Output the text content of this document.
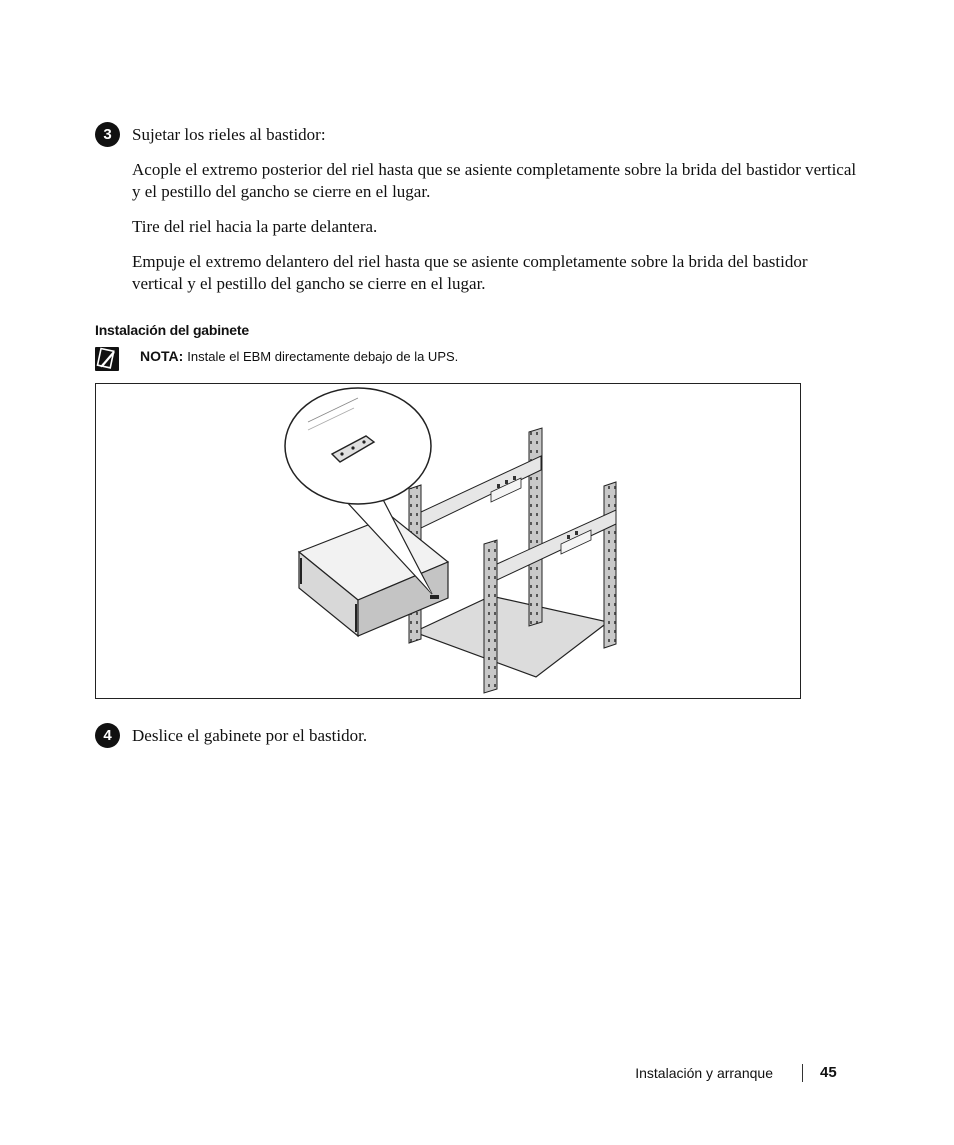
3	Sujetar los rieles al bastidor:
Acople el extremo posterior del riel hasta que se asiente completamente sobre la brida del bastidor vertical y el pestillo del gancho se cierre en el lugar.
Tire del riel hacia la parte delantera.
Empuje el extremo delantero del riel hasta que se asiente completamente sobre la brida del bastidor vertical y el pestillo del gancho se cierre en el lugar.
Instalación del gabinete
NOTA: Instale el EBM directamente debajo de la UPS.
4	Deslice el gabinete por el bastidor.
Instalación y arranque	45
